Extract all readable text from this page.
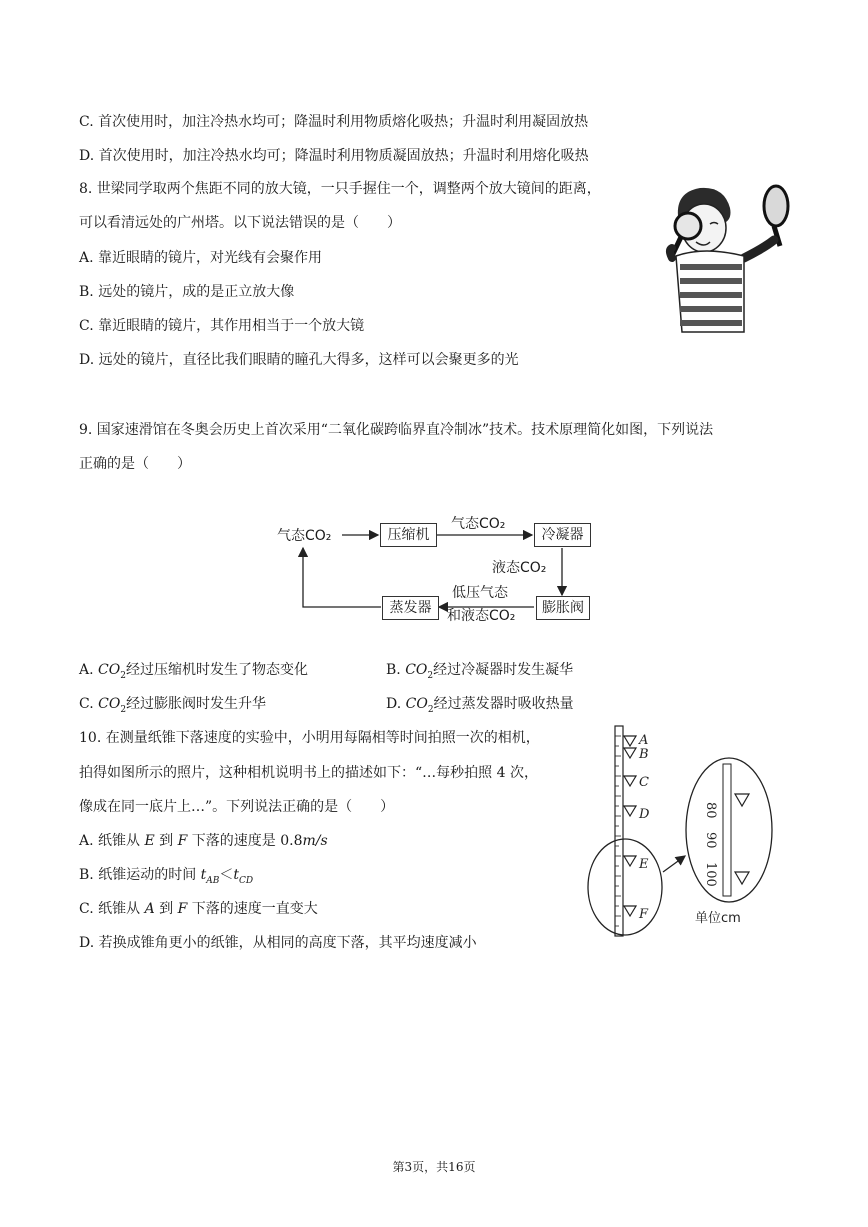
C. 首次使用时，加注冷热水均可；降温时利用物质熔化吸热；升温时利用凝固放热
D. 首次使用时，加注冷热水均可；降温时利用物质凝固放热；升温时利用熔化吸热
8. 世梁同学取两个焦距不同的放大镜，一只手握住一个，调整两个放大镜间的距离，
可以看清远处的广州塔。以下说法错误的是（　　）
A. 靠近眼睛的镜片，对光线有会聚作用
B. 远处的镜片，成的是正立放大像
C. 靠近眼睛的镜片，其作用相当于一个放大镜
D. 远处的镜片，直径比我们眼睛的瞳孔大得多，这样可以会聚更多的光
9. 国家速滑馆在冬奥会历史上首次采用“二氧化碳跨临界直冷制冰”技术。技术原理简化如图，下列说法
正确的是（　　）
气态CO₂	压缩机
气态CO₂
冷凝器
液态CO₂
膨胀阀
低压气态
和液态CO₂
蒸发器
A. $CO_2$经过压缩机时发生了物态变化	B. $CO_2$经过冷凝器时发生凝华
C. $CO_2$经过膨胀阀时发生升华	D. $CO_2$经过蒸发器时吸收热量
10. 在测量纸锥下落速度的实验中，小明用每隔相等时间拍照一次的相机，
拍得如图所示的照片，这种相机说明书上的描述如下：“…每秒拍照 4 次，
像成在同一底片上…”。下列说法正确的是（　　）
A. 纸锥从 E 到 F 下落的速度是 0.8m/s
B. 纸锥运动的时间 $t_{AB}<t_{CD}$
C. 纸锥从 A 到 F 下落的速度一直变大
D. 若换成锥角更小的纸锥，从相同的高度下落，其平均速度减小
A
B
C
D
E
F
80
90
100
单位cm
第3页，共16页
